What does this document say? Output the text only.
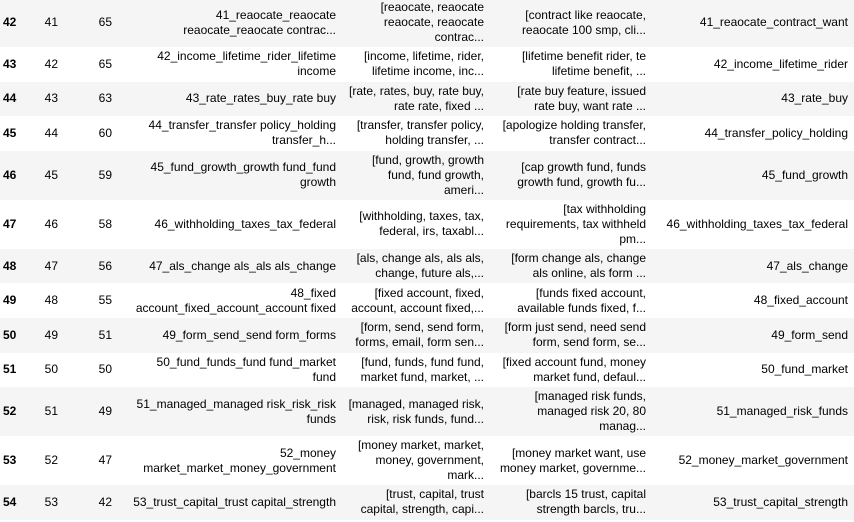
42	41	65	41_reaocate_reaocate reaocate_reaocate contrac...	[reaocate, reaocate reaocate, reaocate contrac...	[contract like reaocate, reaocate 100 smp, cli...	41_reaocate_contract_want
43	42	65	42_income_lifetime_rider_lifetime income	[income, lifetime, rider, lifetime income, inc...	[lifetime benefit rider, te lifetime benefit, ...	42_income_lifetime_rider
44	43	63	43_rate_rates_buy_rate buy	[rate, rates, buy, rate buy, rate rate, fixed ...	[rate buy feature, issued rate buy, want rate ...	43_rate_buy
45	44	60	44_transfer_transfer policy_holding transfer_h...	[transfer, transfer policy, holding transfer, ...	[apologize holding transfer, transfer contract...	44_transfer_policy_holding
46	45	59	45_fund_growth_growth fund_fund growth	[fund, growth, growth fund, fund growth, ameri...	[cap growth fund, funds growth fund, growth fu...	45_fund_growth
47	46	58	46_withholding_taxes_tax_federal	[withholding, taxes, tax, federal, irs, taxabl...	[tax withholding requirements, tax withheld pm...	46_withholding_taxes_tax_federal
48	47	56	47_als_change als_als als_change	[als, change als, als als, change, future als,...	[form change als, change als online, als form ...	47_als_change
49	48	55	48_fixed account_fixed_account_account fixed	[fixed account, fixed, account, account fixed,...	[funds fixed account, available funds fixed, f...	48_fixed_account
50	49	51	49_form_send_send form_forms	[form, send, send form, forms, email, form sen...	[form just send, need send form, send form, se...	49_form_send
51	50	50	50_fund_funds_fund fund_market fund	[fund, funds, fund fund, market fund, market, ...	[fixed account fund, money market fund, defaul...	50_fund_market
52	51	49	51_managed_managed risk_risk_risk funds	[managed, managed risk, risk, risk funds, fund...	[managed risk funds, managed risk 20, 80 manag...	51_managed_risk_funds
53	52	47	52_money market_market_money_government	[money market, market, money, government, mark...	[money market want, use money market, governme...	52_money_market_government
54	53	42	53_trust_capital_trust capital_strength	[trust, capital, trust capital, strength, capi...	[barcls 15 trust, capital strength barcls, tru...	53_trust_capital_strength
